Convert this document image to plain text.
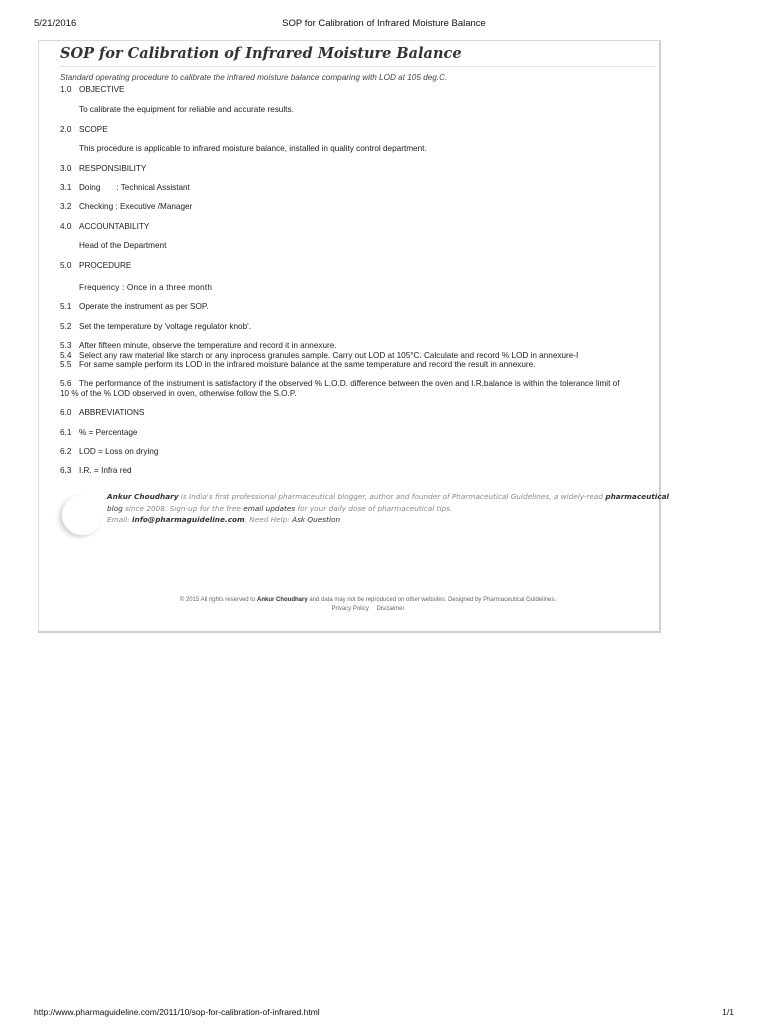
5/21/2016	SOP for Calibration of Infrared Moisture Balance
SOP for Calibration of Infrared Moisture Balance

Standard operating procedure to calibrate the infrared moisture balance comparing with LOD at 105 deg.C.

1.0 OBJECTIVE
To calibrate the equipment for reliable and accurate results.
2.0 SCOPE
This procedure is applicable to infrared moisture balance, installed in quality control department.
3.0 RESPONSIBILITY
3.1 Doing       : Technical Assistant
3.2 Checking : Executive /Manager
4.0 ACCOUNTABILITY
Head of the Department
5.0 PROCEDURE
Frequency : Once in a three month
5.1 Operate the instrument as per SOP.
5.2 Set the temperature by 'voltage regulator knob'.
5.3 After fifteen minute, observe the temperature and record it in annexure.
5.4 Select any raw material like starch or any inprocess granules sample. Carry out LOD at 105°C. Calculate and record % LOD in annexure-I
5.5 For same sample perform its LOD in the infrared moisture balance at the same temperature and record the result in annexure.
5.6 The performance of the instrument is satisfactory if the observed % L.O.D. difference between the oven and I.R.balance is within the tolerance limit of
10 % of the % LOD observed in oven, otherwise follow the S.O.P.
6.0 ABBREVIATIONS
6.1 % = Percentage
6.2 LOD = Loss on drying
6.3 I.R. = Infra red
Ankur Choudhary is India's first professional pharmaceutical blogger, author and founder of Pharmaceutical Guidelines, a widely-read pharmaceutical
blog since 2008. Sign-up for the free email updates for your daily dose of pharmaceutical tips.
Email: info@pharmaguideline.com. Need Help: Ask Question
© 2015 All rights reserved to Ankur Choudhary and data may not be reproduced on other websites. Designed by Pharmaceutical Guidelines.
Privacy Policy Disclaimer
http://www.pharmaguideline.com/2011/10/sop-for-calibration-of-infrared.html	1/1
